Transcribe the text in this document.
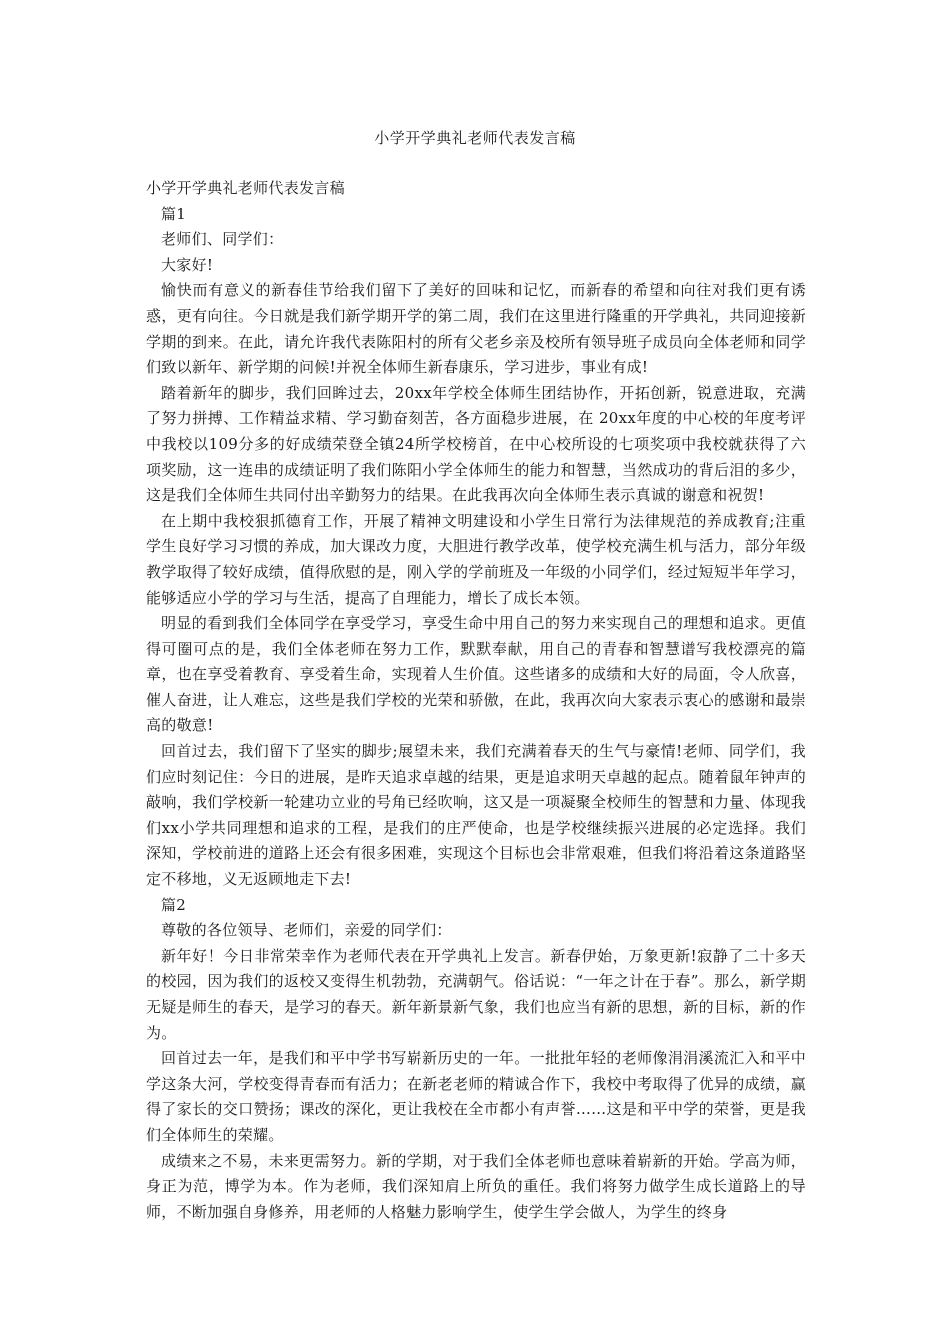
小学开学典礼老师代表发言稿

小学开学典礼老师代表发言稿

篇1

老师们、同学们：

大家好!

愉快而有意义的新春佳节给我们留下了美好的回味和记忆，而新春的希望和向往对我们更有诱惑，更有向往。今日就是我们新学期开学的第二周，我们在这里进行隆重的开学典礼，共同迎接新学期的到来。在此，请允许我代表陈阳村的所有父老乡亲及校所有领导班子成员向全体老师和同学们致以新年、新学期的问候!并祝全体师生新春康乐，学习进步，事业有成!

踏着新年的脚步，我们回眸过去，20xx年学校全体师生团结协作，开拓创新，锐意进取，充满了努力拼搏、工作精益求精、学习勤奋刻苦，各方面稳步进展，在 20xx年度的中心校的年度考评中我校以109分多的好成绩荣登全镇24所学校榜首，在中心校所设的七项奖项中我校就获得了六项奖励，这一连串的成绩证明了我们陈阳小学全体师生的能力和智慧，当然成功的背后泪的多少，这是我们全体师生共同付出辛勤努力的结果。在此我再次向全体师生表示真诚的谢意和祝贺!

在上期中我校狠抓德育工作，开展了精神文明建设和小学生日常行为法律规范的养成教育;注重学生良好学习习惯的养成，加大课改力度，大胆进行教学改革，使学校充满生机与活力，部分年级教学取得了较好成绩，值得欣慰的是，刚入学的学前班及一年级的小同学们，经过短短半年学习，能够适应小学的学习与生活，提高了自理能力，增长了成长本领。

明显的看到我们全体同学在享受学习，享受生命中用自己的努力来实现自己的理想和追求。更值得可圈可点的是，我们全体老师在努力工作，默默奉献，用自己的青春和智慧谱写我校漂亮的篇章，也在享受着教育、享受着生命，实现着人生价值。这些诸多的成绩和大好的局面，令人欣喜，催人奋进，让人难忘，这些是我们学校的光荣和骄傲，在此，我再次向大家表示衷心的感谢和最崇高的敬意!

回首过去，我们留下了坚实的脚步;展望未来，我们充满着春天的生气与豪情!老师、同学们，我们应时刻记住：今日的进展，是昨天追求卓越的结果，更是追求明天卓越的起点。随着鼠年钟声的敲响，我们学校新一轮建功立业的号角已经吹响，这又是一项凝聚全校师生的智慧和力量、体现我们xx小学共同理想和追求的工程，是我们的庄严使命，也是学校继续振兴进展的必定选择。我们深知，学校前进的道路上还会有很多困难，实现这个目标也会非常艰难，但我们将沿着这条道路坚定不移地，义无返顾地走下去!

篇2

尊敬的各位领导、老师们，亲爱的同学们：

新年好！今日非常荣幸作为老师代表在开学典礼上发言。新春伊始，万象更新!寂静了二十多天的校园，因为我们的返校又变得生机勃勃，充满朝气。俗话说：“一年之计在于春”。那么，新学期无疑是师生的春天，是学习的春天。新年新景新气象，我们也应当有新的思想，新的目标，新的作为。

回首过去一年，是我们和平中学书写崭新历史的一年。一批批年轻的老师像涓涓溪流汇入和平中学这条大河，学校变得青春而有活力；在新老老师的精诚合作下，我校中考取得了优异的成绩，赢得了家长的交口赞扬；课改的深化，更让我校在全市都小有声誉……这是和平中学的荣誉，更是我们全体师生的荣耀。

成绩来之不易，未来更需努力。新的学期，对于我们全体老师也意味着崭新的开始。学高为师，身正为范，博学为本。作为老师，我们深知肩上所负的重任。我们将努力做学生成长道路上的导师，不断加强自身修养，用老师的人格魅力影响学生，使学生学会做人，为学生的终身
